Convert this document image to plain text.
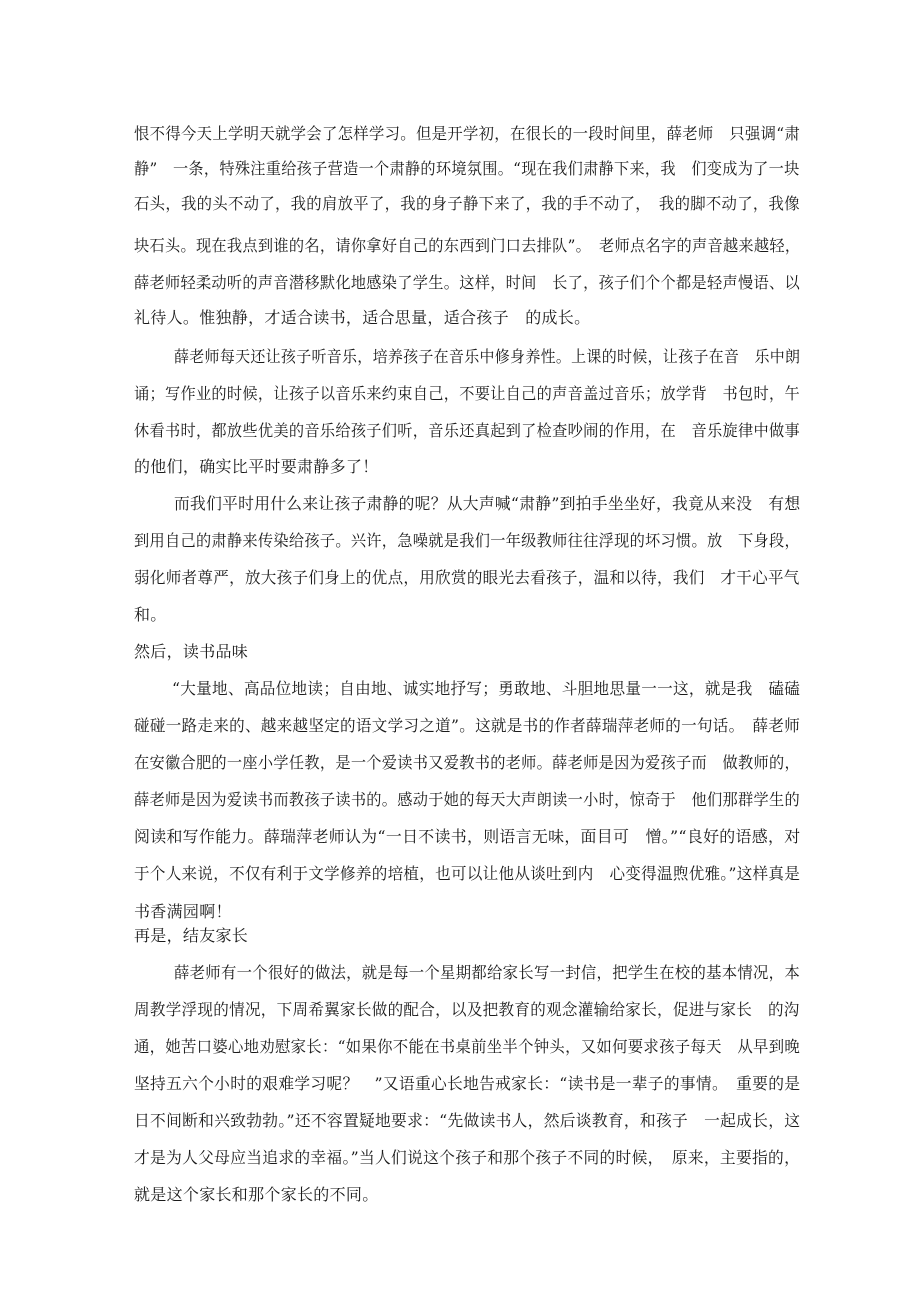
恨不得今天上学明天就学会了怎样学习。但是开学初，在很长的一段时间里，薛老师　只强调“肃
静”　一条，特殊注重给孩子营造一个肃静的环境氛围。“现在我们肃静下来，我　们变成为了一块
石头，我的头不动了，我的肩放平了，我的身子静下来了，我的手不动了，　我的脚不动了，我像
块石头。现在我点到谁的名，请你拿好自己的东西到门口去排队”。　老师点名字的声音越来越轻，
薛老师轻柔动听的声音潜移默化地感染了学生。这样，时间　长了，孩子们个个都是轻声慢语、以
礼待人。惟独静，才适合读书，适合思量，适合孩子　的成长。
薛老师每天还让孩子听音乐，培养孩子在音乐中修身养性。上课的时候，让孩子在音　乐中朗
诵；写作业的时候，让孩子以音乐来约束自己，不要让自己的声音盖过音乐；放学背　书包时，午
休看书时，都放些优美的音乐给孩子们听，音乐还真起到了检查吵闹的作用，在　音乐旋律中做事
的他们，确实比平时要肃静多了！
而我们平时用什么来让孩子肃静的呢？从大声喊“肃静”到拍手坐坐好，我竟从来没　有想
到用自己的肃静来传染给孩子。兴许，急噪就是我们一年级教师往往浮现的坏习惯。放　下身段，
弱化师者尊严，放大孩子们身上的优点，用欣赏的眼光去看孩子，温和以待，我们　才干心平气
和。
然后，读书品味
“大量地、高品位地读；自由地、诚实地抒写；勇敢地、斗胆地思量一一这，就是我　磕磕
碰碰一路走来的、越来越坚定的语文学习之道”。这就是书的作者薛瑞萍老师的一句话。　薛老师
在安徽合肥的一座小学任教，是一个爱读书又爱教书的老师。薛老师是因为爱孩子而　做教师的，
薛老师是因为爱读书而教孩子读书的。感动于她的每天大声朗读一小时，惊奇于　他们那群学生的
阅读和写作能力。薛瑞萍老师认为“一日不读书，则语言无味，面目可　憎。”“良好的语感，对
于个人来说，不仅有利于文学修养的培植，也可以让他从谈吐到内　心变得温煦优雅。”这样真是
书香满园啊！
再是，结友家长
薛老师有一个很好的做法，就是每一个星期都给家长写一封信，把学生在校的基本情况，本
周教学浮现的情况，下周希翼家长做的配合，以及把教育的观念灌输给家长，促进与家长　的沟
通，她苦口婆心地劝慰家长：“如果你不能在书桌前坐半个钟头，又如何要求孩子每天　从早到晚
坚持五六个小时的艰难学习呢？　”又语重心长地告戒家长：“读书是一辈子的事情。　重要的是
日不间断和兴致勃勃。”还不容置疑地要求：“先做读书人，然后谈教育，和孩子　一起成长，这
才是为人父母应当追求的幸福。”当人们说这个孩子和那个孩子不同的时候，　原来，主要指的，
就是这个家长和那个家长的不同。
